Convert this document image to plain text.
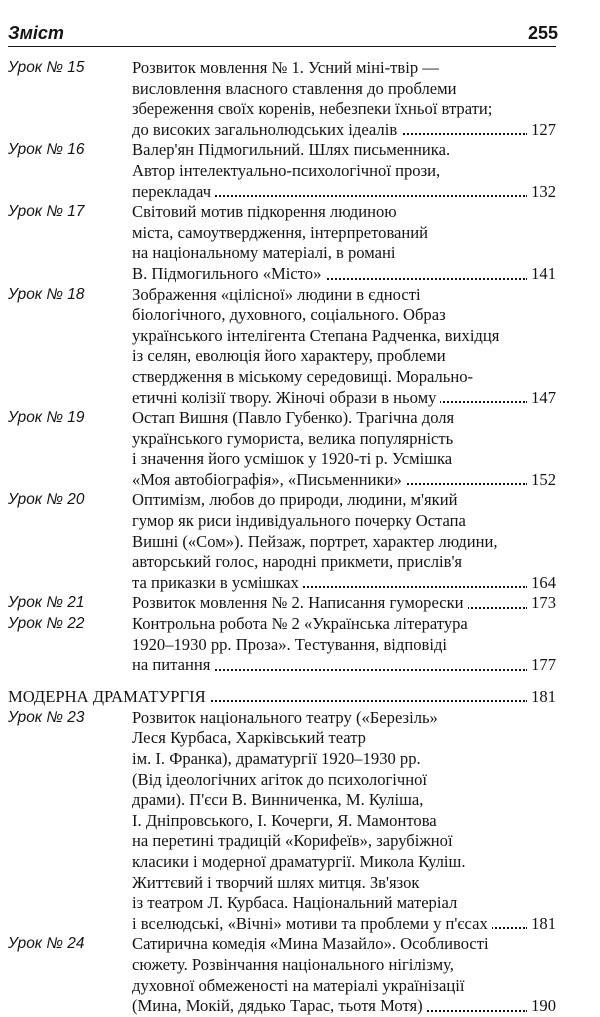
Зміст	255
Урок № 15	Розвиток мовлення № 1. Усний міні-твір —
висловлення власного ставлення до проблеми
збереження своїх коренів, небезпеки їхньої втрати;
до високих загальнолюдських ідеалів	127
Урок № 16	Валер'ян Підмогильний. Шлях письменника.
Автор інтелектуально-психологічної прози,
перекладач	132
Урок № 17	Світовий мотив підкорення людиною
міста, самоутвердження, інтерпретований
на національному матеріалі, в романі
В. Підмогильного «Місто»	141
Урок № 18	Зображення «цілісної» людини в єдності
біологічного, духовного, соціального. Образ
українського інтелігента Степана Радченка, вихідця
із селян, еволюція його характеру, проблеми
ствердження в міському середовищі. Морально-
етичні колізії твору. Жіночі образи в ньому	147
Урок № 19	Остап Вишня (Павло Губенко). Трагічна доля
українського гумориста, велика популярність
і значення його усмішок у 1920-ті р. Усмішка
«Моя автобіографія», «Письменники»	152
Урок № 20	Оптимізм, любов до природи, людини, м'який
гумор як риси індивідуального почерку Остапа
Вишні («Сом»). Пейзаж, портрет, характер людини,
авторський голос, народні прикмети, прислів'я
та приказки в усмішках	164
Урок № 21	Розвиток мовлення № 2. Написання гуморески	173
Урок № 22	Контрольна робота № 2 «Українська література
1920–1930 рр. Проза». Тестування, відповіді
на питання	177
МОДЕРНА ДРАМАТУРГІЯ	181
Урок № 23	Розвиток національного театру («Березіль»
Леся Курбаса, Харківський театр
ім. І. Франка), драматургії 1920–1930 рр.
(Від ідеологічних агіток до психологічної
драми). П'єси В. Винниченка, М. Куліша,
І. Дніпровського, І. Кочерги, Я. Мамонтова
на перетині традицій «Корифеїв», зарубіжної
класики і модерної драматургії. Микола Куліш.
Життєвий і творчий шлях митця. Зв'язок
із театром Л. Курбаса. Національний матеріал
і вселюдські, «Вічні» мотиви та проблеми у п'єсах	181
Урок № 24	Сатирична комедія «Мина Мазайло». Особливості
сюжету. Розвінчання національного нігілізму,
духовної обмеженості на матеріалі українізації
(Мина, Мокій, дядько Тарас, тьотя Мотя)	190
